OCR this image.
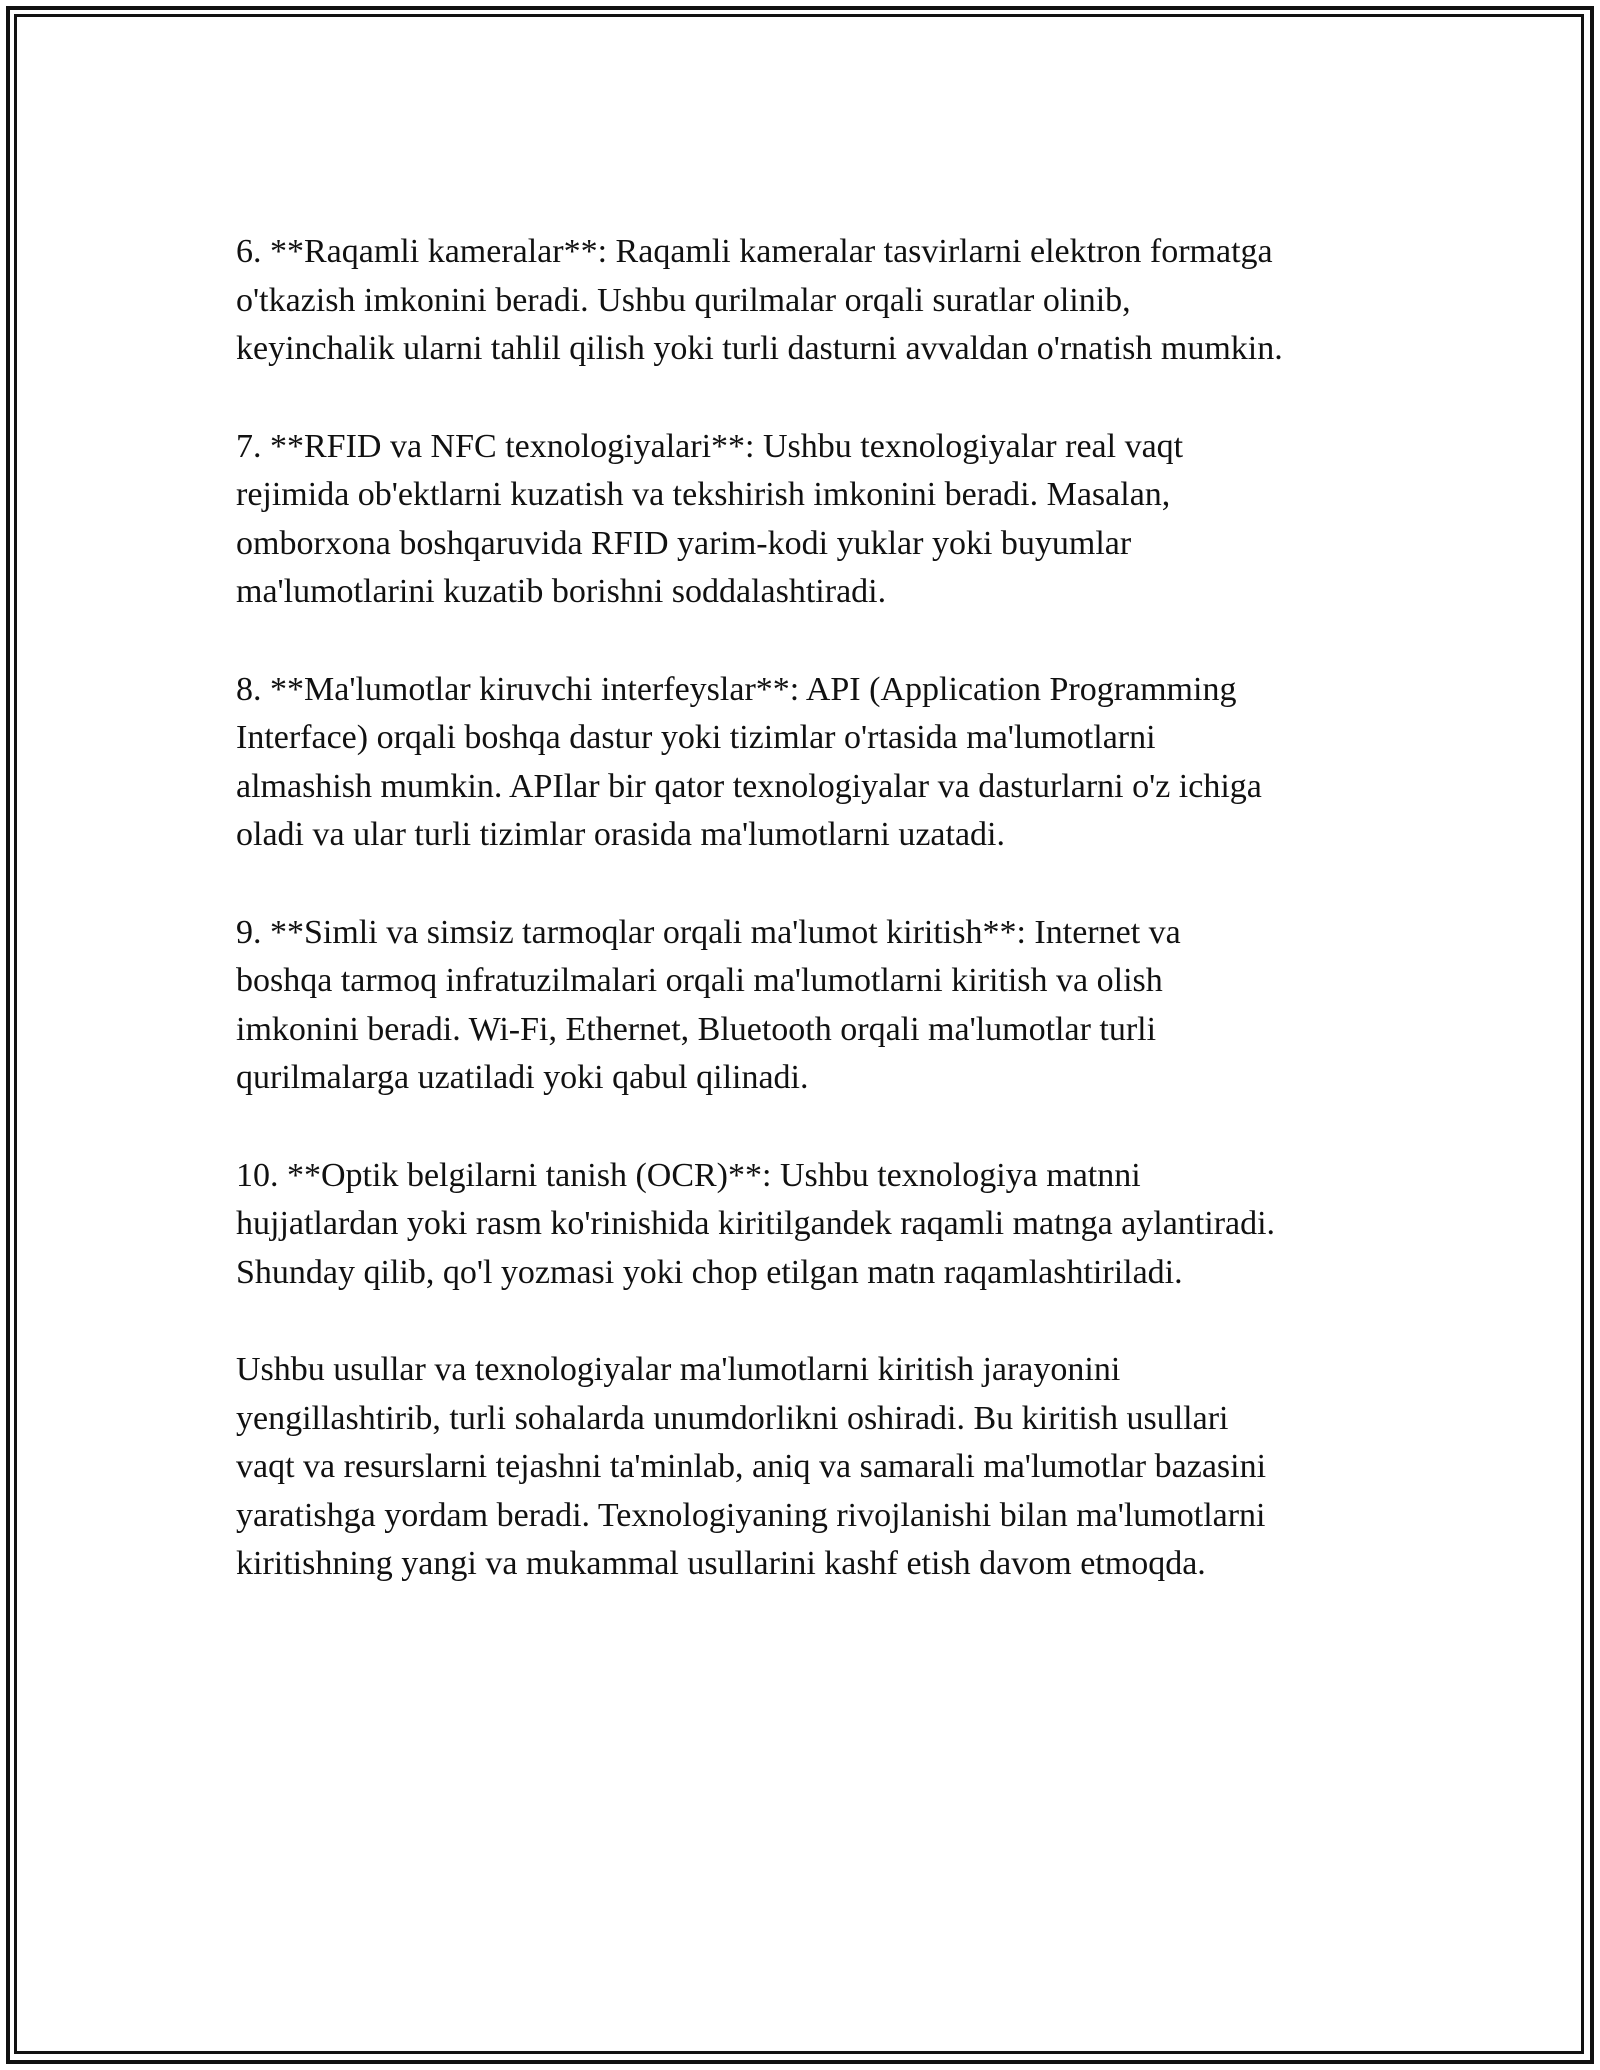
6. **Raqamli kameralar**: Raqamli kameralar tasvirlarni elektron formatga
o'tkazish imkonini beradi. Ushbu qurilmalar orqali suratlar olinib,
keyinchalik ularni tahlil qilish yoki turli dasturni avvaldan o'rnatish mumkin.

7. **RFID va NFC texnologiyalari**: Ushbu texnologiyalar real vaqt
rejimida ob'ektlarni kuzatish va tekshirish imkonini beradi. Masalan,
omborxona boshqaruvida RFID yarim-kodi yuklar yoki buyumlar
ma'lumotlarini kuzatib borishni soddalashtiradi.

8. **Ma'lumotlar kiruvchi interfeyslar**: API (Application Programming
Interface) orqali boshqa dastur yoki tizimlar o'rtasida ma'lumotlarni
almashish mumkin. APIlar bir qator texnologiyalar va dasturlarni o'z ichiga
oladi va ular turli tizimlar orasida ma'lumotlarni uzatadi.

9. **Simli va simsiz tarmoqlar orqali ma'lumot kiritish**: Internet va
boshqa tarmoq infratuzilmalari orqali ma'lumotlarni kiritish va olish
imkonini beradi. Wi-Fi, Ethernet, Bluetooth orqali ma'lumotlar turli
qurilmalarga uzatiladi yoki qabul qilinadi.

10. **Optik belgilarni tanish (OCR)**: Ushbu texnologiya matnni
hujjatlardan yoki rasm ko'rinishida kiritilgandek raqamli matnga aylantiradi.
Shunday qilib, qo'l yozmasi yoki chop etilgan matn raqamlashtiriladi.

Ushbu usullar va texnologiyalar ma'lumotlarni kiritish jarayonini
yengillashtirib, turli sohalarda unumdorlikni oshiradi. Bu kiritish usullari
vaqt va resurslarni tejashni ta'minlab, aniq va samarali ma'lumotlar bazasini
yaratishga yordam beradi. Texnologiyaning rivojlanishi bilan ma'lumotlarni
kiritishning yangi va mukammal usullarini kashf etish davom etmoqda.
